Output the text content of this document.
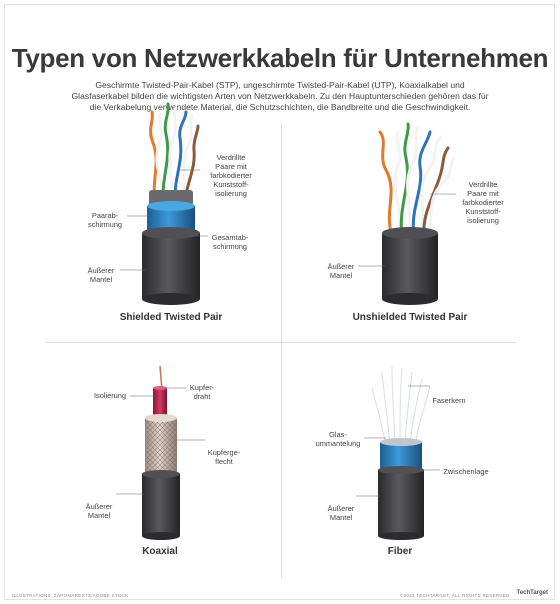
Typen von Netzwerkkabeln für Unternehmen
Geschirmte Twisted-Pair-Kabel (STP), ungeschirmte Twisted-Pair-Kabel (UTP), Koaxialkabel und Glasfaserkabel bilden die wichtigsten Arten von Netzwerkkabeln. Zu den Hauptunterschieden gehören das für die Verkabelung verwendete Material, die Schutzschichten, die Bandbreite und die Geschwindigkeit.
Verdrillte
Paare mit
farbkodierter
Kunststoff-
isolierung
Paarab-
schirmung
Gesamtab-
schirmung
Äußerer
Mantel
Shielded Twisted Pair
Verdrillte
Paare mit
farbkodierter
Kunststoff-
isolierung
Äußerer
Mantel
Unshielded Twisted Pair
Isolierung
Kupfer-
draht
Kupferge-
flecht
Äußerer
Mantel
Koaxial
Faserkern
Glas-
ummantelung
Zwischenlage
Äußerer
Mantel
Fiber
ILLUSTRATIONS: ZAPOMAREXTS/ADOBE STOCK	©2023 TECHTARGET. ALL RIGHTS RESERVED. TechTarget
